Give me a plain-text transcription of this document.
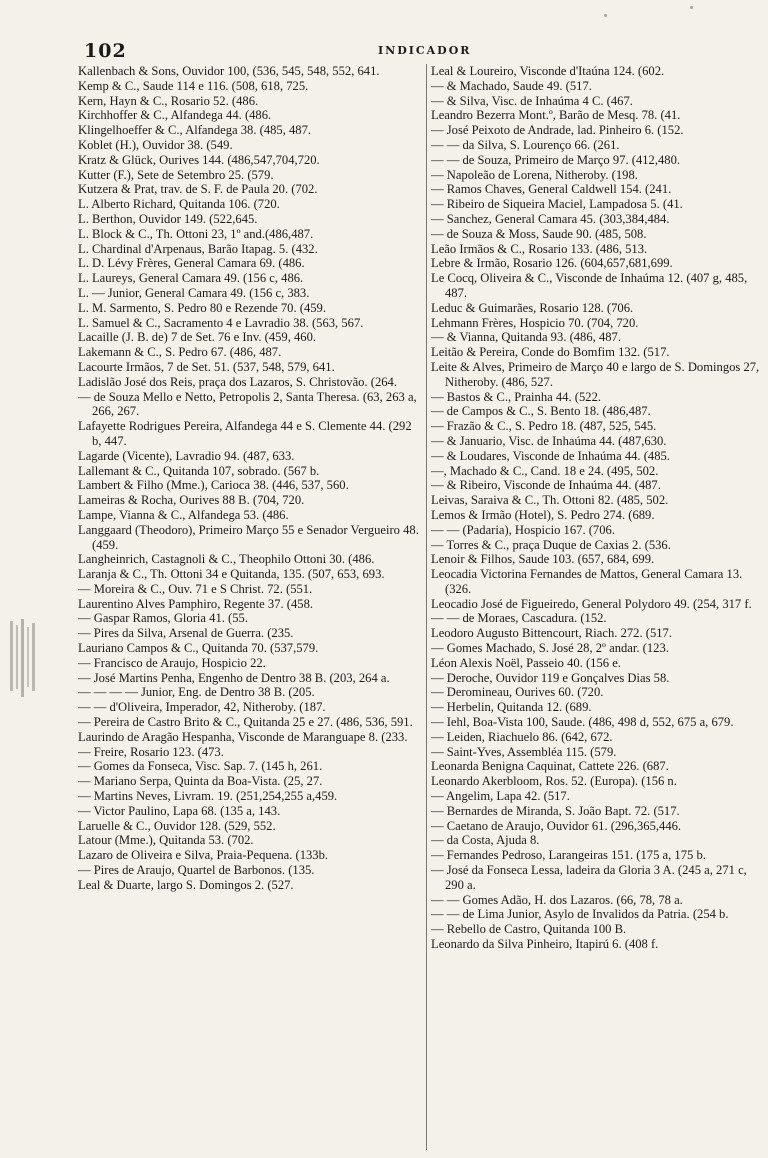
102	INDICADOR
Kallenbach & Sons, Ouvidor 100, (536, 545, 548, 552, 641.
Kemp & C., Saude 114 e 116. (508, 618, 725.
Kern, Hayn & C., Rosario 52. (486.
Kirchhoffer & C., Alfandega 44. (486.
Klingelhoeffer & C., Alfandega 38. (485, 487.
Koblet (H.), Ouvidor 38. (549.
Kratz & Glück, Ourives 144. (486,547,704,720.
Kutter (F.), Sete de Setembro 25. (579.
Kutzera & Prat, trav. de S. F. de Paula 20. (702.
L. Alberto Richard, Quitanda 106. (720.
L. Berthon, Ouvidor 149. (522,645.
L. Block & C., Th. Ottoni 23, 1º and.(486,487.
L. Chardinal d'Arpenaus, Barão Itapag. 5. (432.
L. D. Lévy Frères, General Camara 69. (486.
L. Laureys, General Camara 49. (156 c, 486.
L. — Junior, General Camara 49. (156 c, 383.
L. M. Sarmento, S. Pedro 80 e Rezende 70. (459.
L. Samuel & C., Sacramento 4 e Lavradio 38. (563, 567.
Lacaille (J. B. de) 7 de Set. 76 e Inv. (459, 460.
Lakemann & C., S. Pedro 67. (486, 487.
Lacourte Irmãos, 7 de Set. 51. (537, 548, 579, 641.
Ladislão José dos Reis, praça dos Lazaros, S. Christovão. (264.
— de Souza Mello e Netto, Petropolis 2, Santa Theresa. (63, 263 a, 266, 267.
Lafayette Rodrigues Pereira, Alfandega 44 e S. Clemente 44. (292 b, 447.
Lagarde (Vicente), Lavradio 94. (487, 633.
Lallemant & C., Quitanda 107, sobrado. (567 b.
Lambert & Filho (Mme.), Carioca 38. (446, 537, 560.
Lameiras & Rocha, Ourives 88 B. (704, 720.
Lampe, Vianna & C., Alfandega 53. (486.
Langgaard (Theodoro), Primeiro Março 55 e Senador Vergueiro 48. (459.
Langheinrich, Castagnoli & C., Theophilo Ottoni 30. (486.
Laranja & C., Th. Ottoni 34 e Quitanda, 135. (507, 653, 693.
— Moreira & C., Ouv. 71 e S Christ. 72. (551.
Laurentino Alves Pamphiro, Regente 37. (458.
— Gaspar Ramos, Gloria 41. (55.
— Pires da Silva, Arsenal de Guerra. (235.
Lauriano Campos & C., Quitanda 70. (537,579.
— Francisco de Araujo, Hospicio 22.
— José Martins Penha, Engenho de Dentro 38 B. (203, 264 a.
— — — — Junior, Eng. de Dentro 38 B. (205.
— — d'Oliveira, Imperador, 42, Nitheroby. (187.
— Pereira de Castro Brito & C., Quitanda 25 e 27. (486, 536, 591.
Laurindo de Aragão Hespanha, Visconde de Maranguape 8. (233.
— Freire, Rosario 123. (473.
— Gomes da Fonseca, Visc. Sap. 7. (145 h, 261.
— Mariano Serpa, Quinta da Boa-Vista. (25, 27.
— Martins Neves, Livram. 19. (251,254,255 a,459.
— Victor Paulino, Lapa 68. (135 a, 143.
Laruelle & C., Ouvidor 128. (529, 552.
Latour (Mme.), Quitanda 53. (702.
Lazaro de Oliveira e Silva, Praia-Pequena. (133b.
— Pires de Araujo, Quartel de Barbonos. (135.
Leal & Duarte, largo S. Domingos 2. (527.
Leal & Loureiro, Visconde d'Itaúna 124. (602.
— & Machado, Saude 49. (517.
— & Silva, Visc. de Inhaúma 4 C. (467.
Leandro Bezerra Mont.º, Barão de Mesq. 78. (41.
— José Peixoto de Andrade, lad. Pinheiro 6. (152.
— — da Silva, S. Lourenço 66. (261.
— — de Souza, Primeiro de Março 97. (412,480.
— Napoleão de Lorena, Nitheroby. (198.
— Ramos Chaves, General Caldwell 154. (241.
— Ribeiro de Siqueira Maciel, Lampadosa 5. (41.
— Sanchez, General Camara 45. (303,384,484.
— de Souza & Moss, Saude 90. (485, 508.
Leão Irmãos & C., Rosario 133. (486, 513.
Lebre & Irmão, Rosario 126. (604,657,681,699.
Le Cocq, Oliveira & C., Visconde de Inhaúma 12. (407 g, 485, 487.
Leduc & Guimarães, Rosario 128. (706.
Lehmann Frères, Hospicio 70. (704, 720.
— & Vianna, Quitanda 93. (486, 487.
Leitão & Pereira, Conde do Bomfim 132. (517.
Leite & Alves, Primeiro de Março 40 e largo de S. Domingos 27, Nitheroby. (486, 527.
— Bastos & C., Prainha 44. (522.
— de Campos & C., S. Bento 18. (486,487.
— Frazão & C., S. Pedro 18. (487, 525, 545.
— & Januario, Visc. de Inhaúma 44. (487,630.
— & Loudares, Visconde de Inhaúma 44. (485.
—, Machado & C., Cand. 18 e 24. (495, 502.
— & Ribeiro, Visconde de Inhaúma 44. (487.
Leivas, Saraiva & C., Th. Ottoni 82. (485, 502.
Lemos & Irmão (Hotel), S. Pedro 274. (689.
— — (Padaria), Hospicio 167. (706.
— Torres & C., praça Duque de Caxias 2. (536.
Lenoir & Filhos, Saude 103. (657, 684, 699.
Leocadia Victorina Fernandes de Mattos, General Camara 13. (326.
Leocadio José de Figueiredo, General Polydoro 49. (254, 317 f.
— — de Moraes, Cascadura. (152.
Leodoro Augusto Bittencourt, Riach. 272. (517.
— Gomes Machado, S. José 28, 2º andar. (123.
Léon Alexis Noël, Passeio 40. (156 e.
— Deroche, Ouvidor 119 e Gonçalves Dias 58.
— Deromineau, Ourives 60. (720.
— Herbelin, Quitanda 12. (689.
— Iehl, Boa-Vista 100, Saude. (486, 498 d, 552, 675 a, 679.
— Leiden, Riachuelo 86. (642, 672.
— Saint-Yves, Assembléa 115. (579.
Leonarda Benigna Caquinat, Cattete 226. (687.
Leonardo Akerbloom, Ros. 52. (Europa). (156 n.
— Angelim, Lapa 42. (517.
— Bernardes de Miranda, S. João Bapt. 72. (517.
— Caetano de Araujo, Ouvidor 61. (296,365,446.
— da Costa, Ajuda 8.
— Fernandes Pedroso, Larangeiras 151. (175 a, 175 b.
— José da Fonseca Lessa, ladeira da Gloria 3 A. (245 a, 271 c, 290 a.
— — Gomes Adão, H. dos Lazaros. (66, 78, 78 a.
— — de Lima Junior, Asylo de Invalidos da Patria. (254 b.
— Rebello de Castro, Quitanda 100 B.
Leonardo da Silva Pinheiro, Itapirú 6. (408 f.
